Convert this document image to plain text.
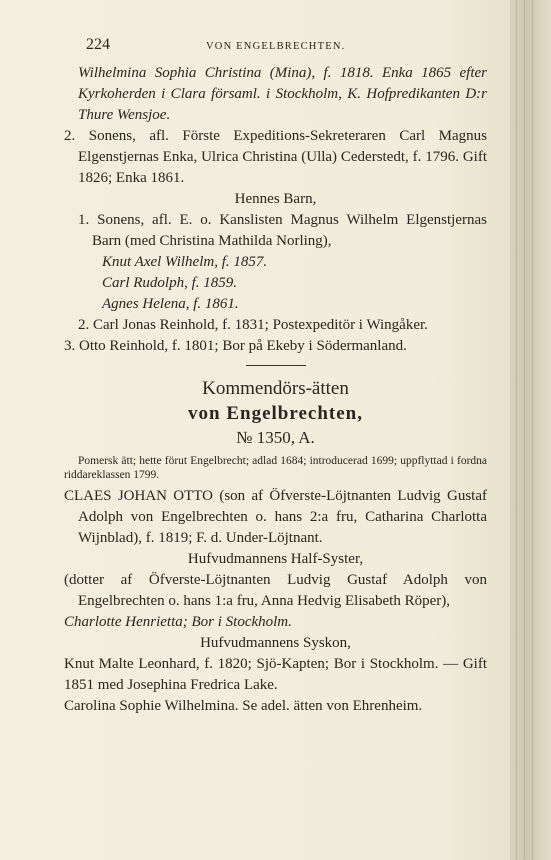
224	VON ENGELBRECHTEN.
Wilhelmina Sophia Christina (Mina), f. 1818. Enka 1865 efter Kyrkoherden i Clara församl. i Stockholm, K. Hofpredikanten D:r Thure Wensjoe.
2. Sonens, afl. Förste Expeditions-Sekreteraren Carl Magnus Elgenstjernas Enka, Ulrica Christina (Ulla) Cederstedt, f. 1796. Gift 1826; Enka 1861.
Hennes Barn,
1. Sonens, afl. E. o. Kanslisten Magnus Wilhelm Elgenstjernas Barn (med Christina Mathilda Norling),
Knut Axel Wilhelm, f. 1857.
Carl Rudolph, f. 1859.
Agnes Helena, f. 1861.
2. Carl Jonas Reinhold, f. 1831; Postexpeditör i Wingåker.
3. Otto Reinhold, f. 1801; Bor på Ekeby i Södermanland.
Kommendörs-ätten
von Engelbrechten,
№ 1350, A.
Pomersk ätt; hette förut Engelbrecht; adlad 1684; introducerad 1699; uppflyttad i fordna riddareklassen 1799.
CLAES JOHAN OTTO (son af Öfverste-Löjtnanten Ludvig Gustaf Adolph von Engelbrechten o. hans 2:a fru, Catharina Charlotta Wijnblad), f. 1819; F. d. Under-Löjtnant.
Hufvudmannens Half-Syster,
(dotter af Öfverste-Löjtnanten Ludvig Gustaf Adolph von Engelbrechten o. hans 1:a fru, Anna Hedvig Elisabeth Röper),
Charlotte Henrietta; Bor i Stockholm.
Hufvudmannens Syskon,
Knut Malte Leonhard, f. 1820; Sjö-Kapten; Bor i Stockholm. — Gift 1851 med Josephina Fredrica Lake.
Carolina Sophie Wilhelmina. Se adel. ätten von Ehrenheim.
